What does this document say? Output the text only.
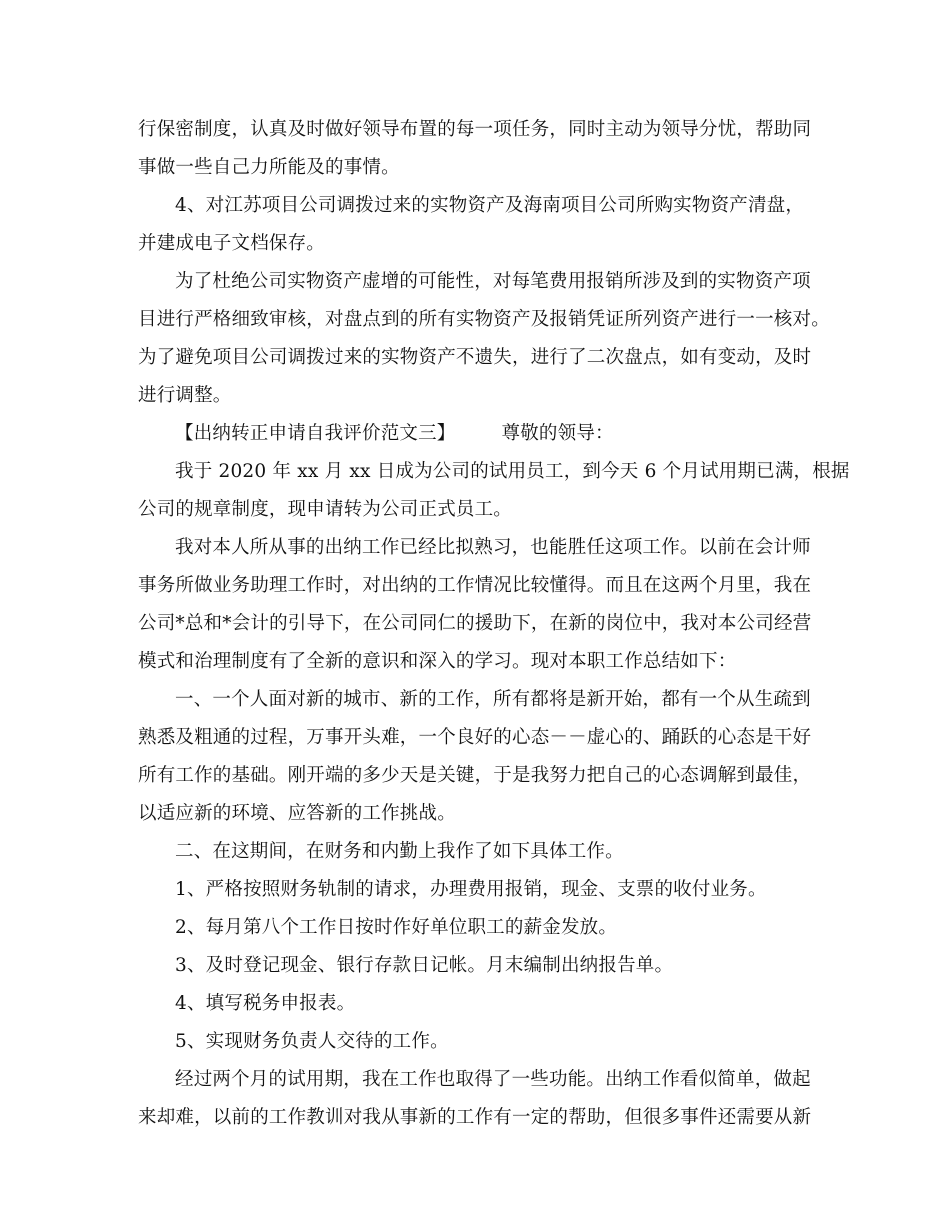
行保密制度，认真及时做好领导布置的每一项任务，同时主动为领导分忧，帮助同
事做一些自己力所能及的事情。
4、对江苏项目公司调拨过来的实物资产及海南项目公司所购实物资产清盘，
并建成电子文档保存。
为了杜绝公司实物资产虚增的可能性，对每笔费用报销所涉及到的实物资产项
目进行严格细致审核，对盘点到的所有实物资产及报销凭证所列资产进行一一核对。
为了避免项目公司调拨过来的实物资产不遗失，进行了二次盘点，如有变动，及时
进行调整。
【出纳转正申请自我评价范文三】 尊敬的领导：
我于 2020 年 xx 月 xx 日成为公司的试用员工，到今天 6 个月试用期已满，根据
公司的规章制度，现申请转为公司正式员工。
我对本人所从事的出纳工作已经比拟熟习，也能胜任这项工作。以前在会计师
事务所做业务助理工作时，对出纳的工作情况比较懂得。而且在这两个月里，我在
公司*总和*会计的引导下，在公司同仁的援助下，在新的岗位中，我对本公司经营
模式和治理制度有了全新的意识和深入的学习。现对本职工作总结如下：
一、一个人面对新的城市、新的工作，所有都将是新开始，都有一个从生疏到
熟悉及粗通的过程，万事开头难，一个良好的心态－－虚心的、踊跃的心态是干好
所有工作的基础。刚开端的多少天是关键，于是我努力把自己的心态调解到最佳，
以适应新的环境、应答新的工作挑战。
二、在这期间，在财务和内勤上我作了如下具体工作。
1、严格按照财务轨制的请求，办理费用报销，现金、支票的收付业务。
2、每月第八个工作日按时作好单位职工的薪金发放。
3、及时登记现金、银行存款日记帐。月末编制出纳报告单。
4、填写税务申报表。
5、实现财务负责人交待的工作。
经过两个月的试用期，我在工作也取得了一些功能。出纳工作看似简单，做起
来却难，以前的工作教训对我从事新的工作有一定的帮助，但很多事件还需要从新
